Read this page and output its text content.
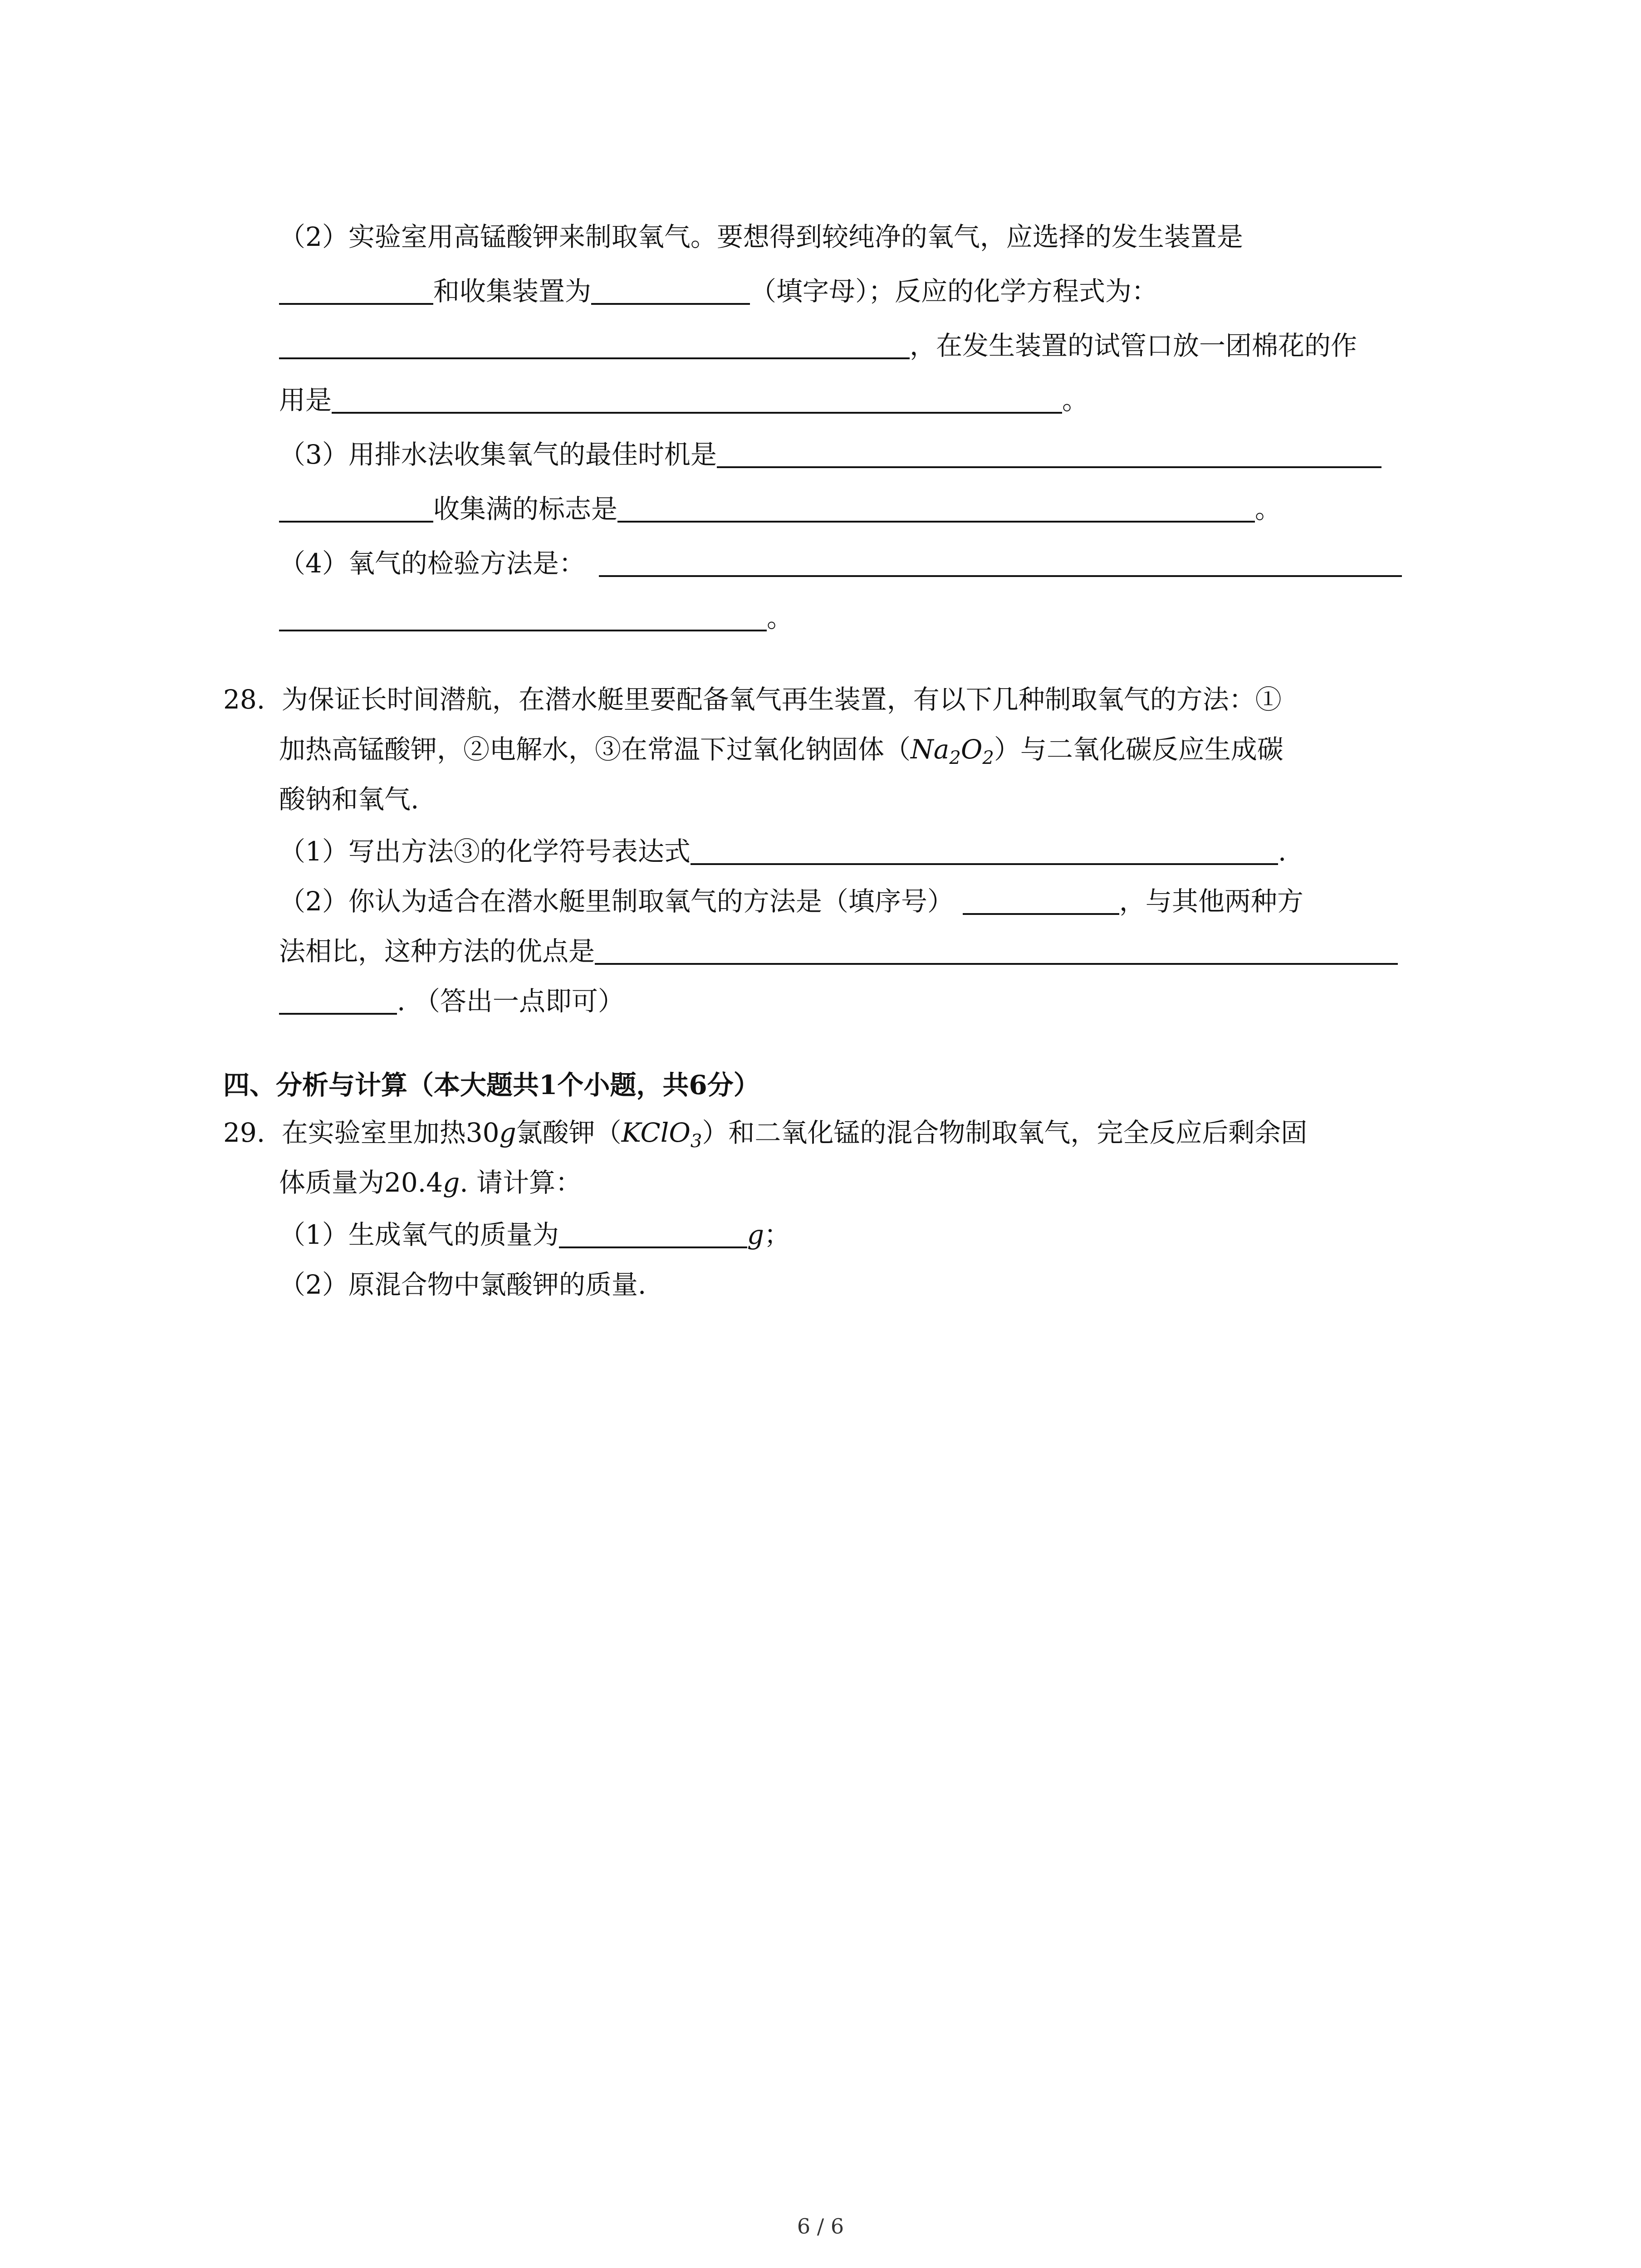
（2）实验室用高锰酸钾来制取氧气。要想得到较纯净的氧气，应选择的发生装置是
和收集装置为	（填字母）；反应的化学方程式为：
，在发生装置的试管口放一团棉花的作
用是	。
（3）用排水法收集氧气的最佳时机是
收集满的标志是	。
（4）氧气的检验方法是：
。
28. 为保证长时间潜航，在潜水艇里要配备氧气再生装置，有以下几种制取氧气的方法：①
加热高锰酸钾，②电解水，③在常温下过氧化钠固体$(Na_2O_2)$与二氧化碳反应生成碳
酸钠和氧气.
（1）写出方法③的化学符号表达式	.
（2）你认为适合在潜水艇里制取氧气的方法是（填序号）	，与其他两种方
法相比，这种方法的优点是
. （答出一点即可）
四、分析与计算（本大题共1个小题，共6分）
29. 在实验室里加热30g氯酸钾（KClO$_3$）和二氧化锰的混合物制取氧气，完全反应后剩余固
体质量为20.4g. 请计算：
（1）生成氧气的质量为	g；
（2）原混合物中氯酸钾的质量.
6 / 6
